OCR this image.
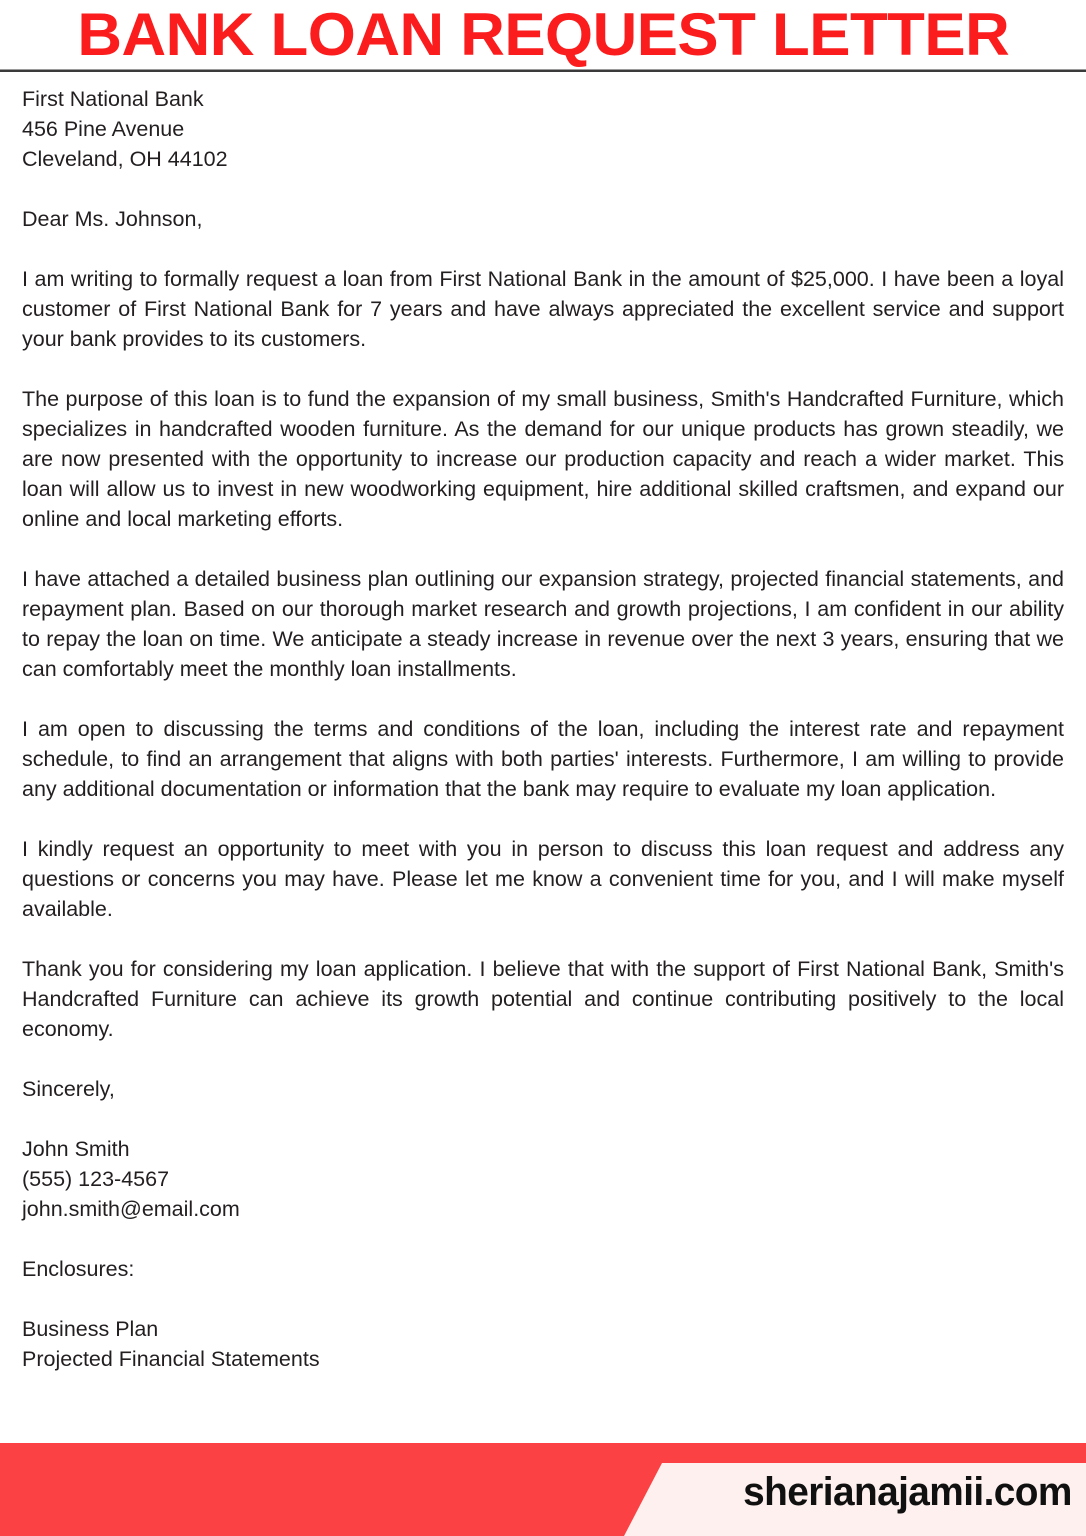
BANK LOAN REQUEST LETTER
First National Bank
456 Pine Avenue
Cleveland, OH 44102
Dear Ms. Johnson,

I am writing to formally request a loan from First National Bank in the amount of $25,000. I have been a loyal customer of First National Bank for 7 years and have always appreciated the excellent service and support your bank provides to its customers.

The purpose of this loan is to fund the expansion of my small business, Smith's Handcrafted Furniture, which specializes in handcrafted wooden furniture. As the demand for our unique products has grown steadily, we are now presented with the opportunity to increase our production capacity and reach a wider market. This loan will allow us to invest in new woodworking equipment, hire additional skilled craftsmen, and expand our online and local marketing efforts.

I have attached a detailed business plan outlining our expansion strategy, projected financial statements, and repayment plan. Based on our thorough market research and growth projections, I am confident in our ability to repay the loan on time. We anticipate a steady increase in revenue over the next 3 years, ensuring that we can comfortably meet the monthly loan installments.

I am open to discussing the terms and conditions of the loan, including the interest rate and repayment schedule, to find an arrangement that aligns with both parties' interests. Furthermore, I am willing to provide any additional documentation or information that the bank may require to evaluate my loan application.

I kindly request an opportunity to meet with you in person to discuss this loan request and address any questions or concerns you may have. Please let me know a convenient time for you, and I will make myself available.

Thank you for considering my loan application. I believe that with the support of First National Bank, Smith's Handcrafted Furniture can achieve its growth potential and continue contributing positively to the local economy.

Sincerely,
John Smith
(555) 123-4567
john.smith@email.com
Enclosures:
Business Plan
Projected Financial Statements
sherianajamii.com
